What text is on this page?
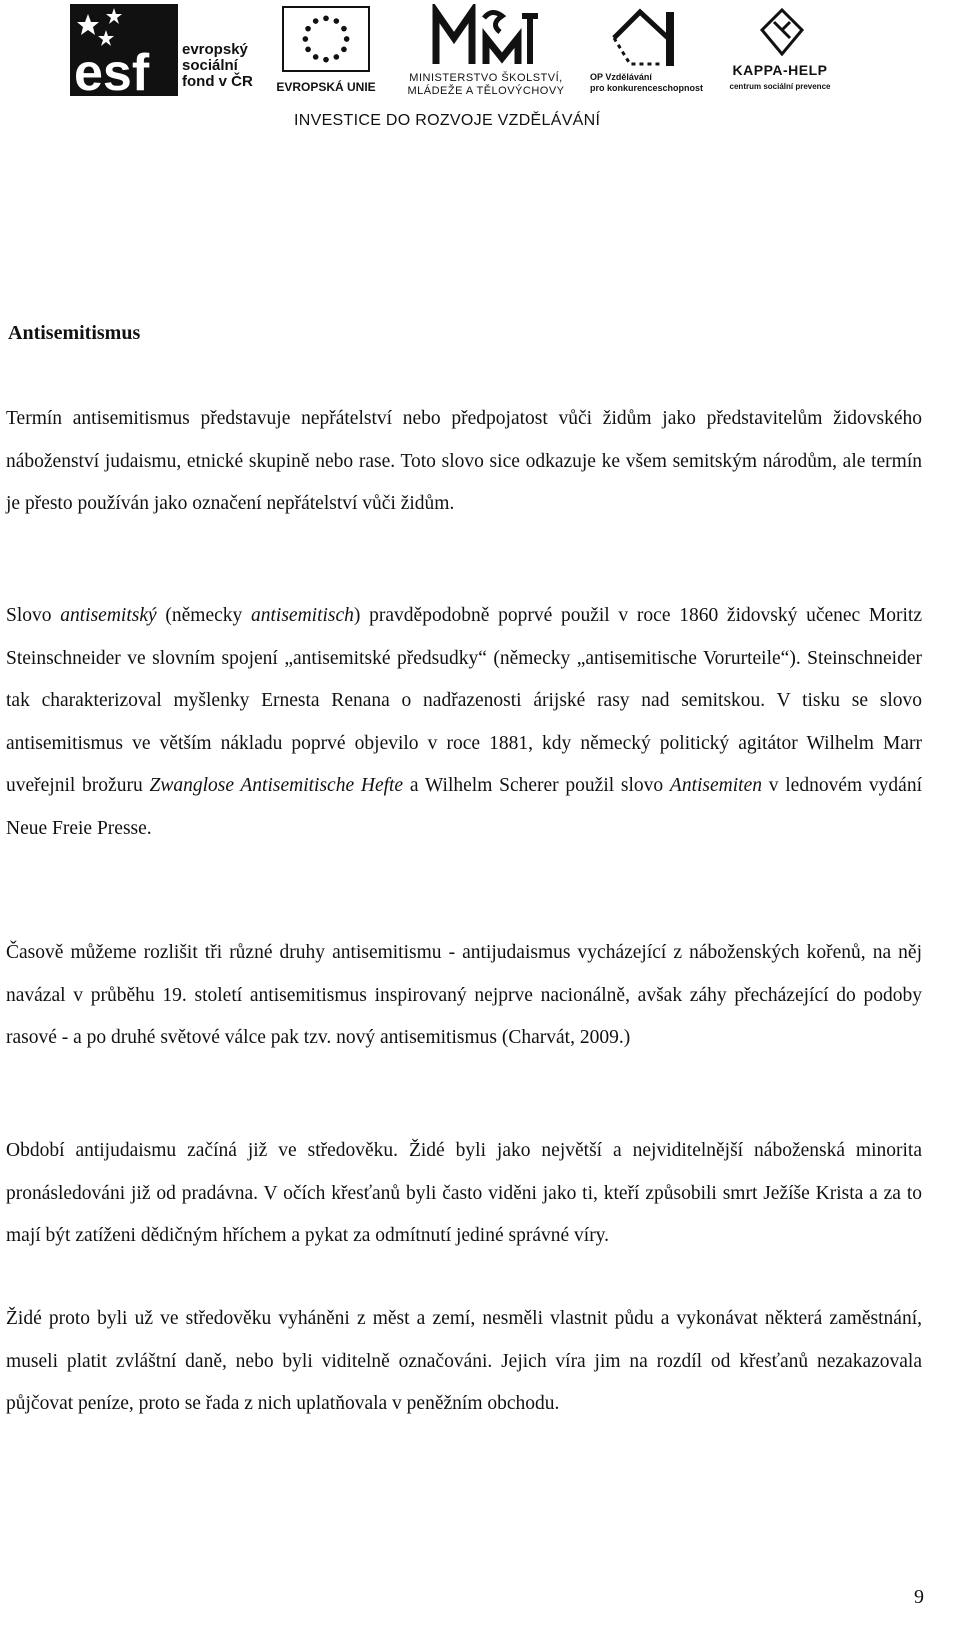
esf evropský
sociální
fond v ČR	EVROPSKÁ UNIE
MINISTERSTVO ŠKOLSTVÍ,
MLÁDEŽE A TĚLOVÝCHOVY
OP Vzdělávání
pro konkurenceschopnost
KAPPA-HELP
centrum sociální prevence
INVESTICE DO ROZVOJE VZDĚLÁVÁNÍ
Antisemitismus

Termín antisemitismus představuje nepřátelství nebo předpojatost vůči židům jako představitelům židovského náboženství judaismu, etnické skupině nebo rase. Toto slovo sice odkazuje ke všem semitským národům, ale termín je přesto používán jako označení nepřátelství vůči židům.

Slovo antisemitský (německy antisemitisch) pravděpodobně poprvé použil v roce 1860 židovský učenec Moritz Steinschneider ve slovním spojení „antisemitské předsudky“ (německy „antisemitische Vorurteile“). Steinschneider tak charakterizoval myšlenky Ernesta Renana o nadřazenosti árijské rasy nad semitskou. V tisku se slovo antisemitismus ve větším nákladu poprvé objevilo v roce 1881, kdy německý politický agitátor Wilhelm Marr uveřejnil brožuru Zwanglose Antisemitische Hefte a Wilhelm Scherer použil slovo Antisemiten v lednovém vydání Neue Freie Presse.

Časově můžeme rozlišit tři různé druhy antisemitismu - antijudaismus vycházející z náboženských kořenů, na něj navázal v průběhu 19. století antisemitismus inspirovaný nejprve nacionálně, avšak záhy přecházející do podoby rasové - a po druhé světové válce pak tzv. nový antisemitismus (Charvát, 2009.)

Období antijudaismu začíná již ve středověku. Židé byli jako největší a nejviditelnější náboženská minorita pronásledováni již od pradávna. V očích křesťanů byli často viděni jako ti, kteří způsobili smrt Ježíše Krista a za to mají být zatíženi dědičným hříchem a pykat za odmítnutí jediné správné víry.

Židé proto byli už ve středověku vyháněni z měst a zemí, nesměli vlastnit půdu a vykonávat některá zaměstnání, museli platit zvláštní daně, nebo byli viditelně označováni. Jejich víra jim na rozdíl od křesťanů nezakazovala půjčovat peníze, proto se řada z nich uplatňovala v peněžním obchodu.

9
